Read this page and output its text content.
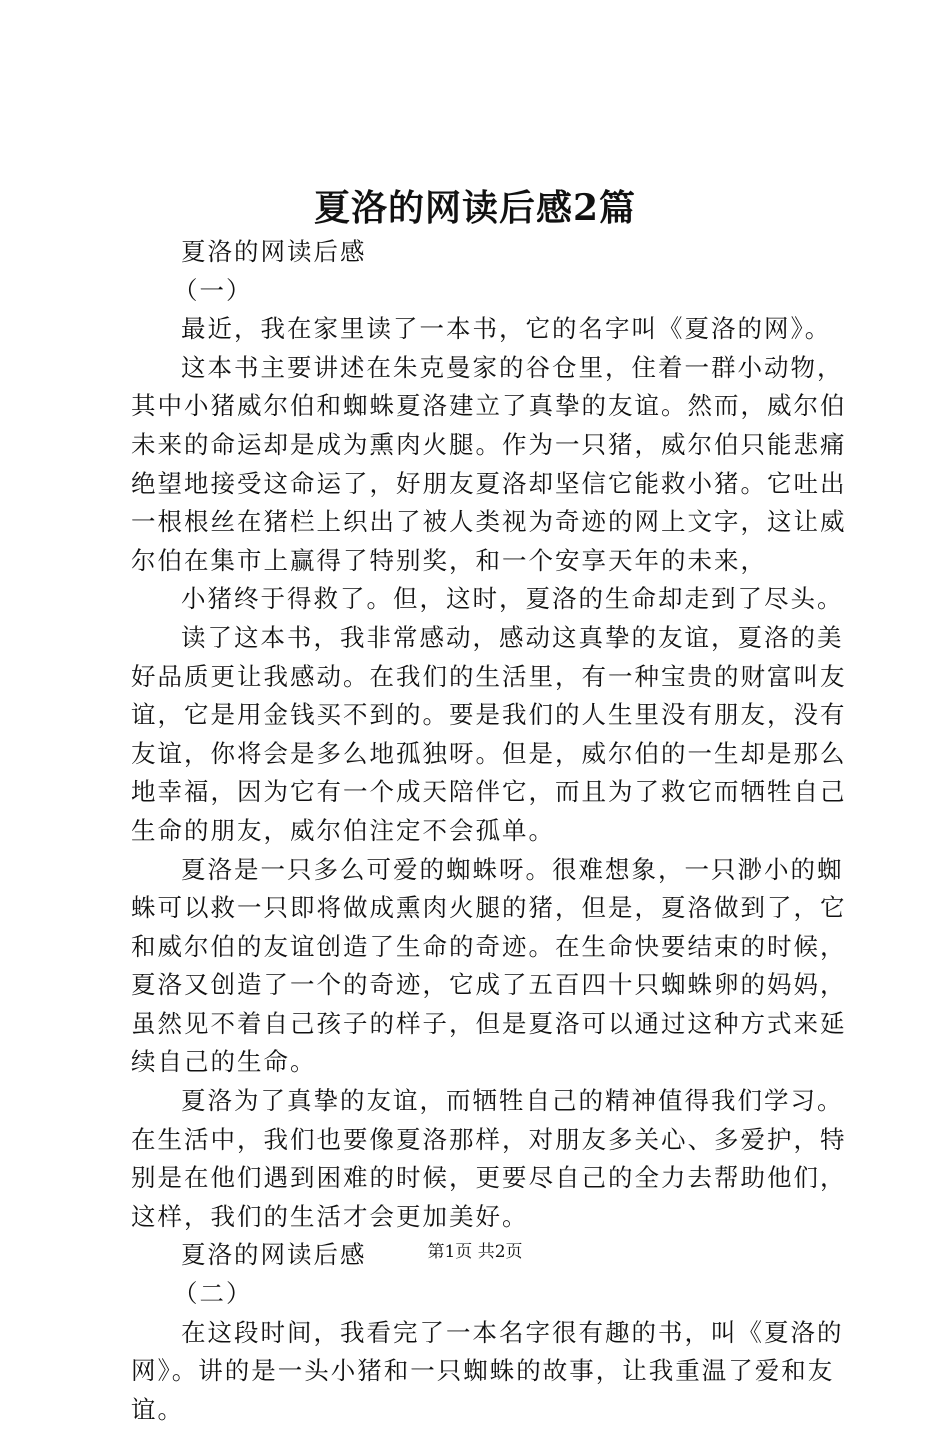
夏洛的网读后感2篇
夏洛的网读后感
（一）
最近，我在家里读了一本书，它的名字叫《夏洛的网》。
这本书主要讲述在朱克曼家的谷仓里，住着一群小动物，
其中小猪威尔伯和蜘蛛夏洛建立了真挚的友谊。然而，威尔伯
未来的命运却是成为熏肉火腿。作为一只猪，威尔伯只能悲痛
绝望地接受这命运了，好朋友夏洛却坚信它能救小猪。它吐出
一根根丝在猪栏上织出了被人类视为奇迹的网上文字，这让威
尔伯在集市上赢得了特别奖，和一个安享天年的未来，
小猪终于得救了。但，这时，夏洛的生命却走到了尽头。
读了这本书，我非常感动，感动这真挚的友谊，夏洛的美
好品质更让我感动。在我们的生活里，有一种宝贵的财富叫友
谊，它是用金钱买不到的。要是我们的人生里没有朋友，没有
友谊，你将会是多么地孤独呀。但是，威尔伯的一生却是那么
地幸福，因为它有一个成天陪伴它，而且为了救它而牺牲自己
生命的朋友，威尔伯注定不会孤单。
夏洛是一只多么可爱的蜘蛛呀。很难想象，一只渺小的蜘
蛛可以救一只即将做成熏肉火腿的猪，但是，夏洛做到了，它
和威尔伯的友谊创造了生命的奇迹。在生命快要结束的时候，
夏洛又创造了一个的奇迹，它成了五百四十只蜘蛛卵的妈妈，
虽然见不着自己孩子的样子，但是夏洛可以通过这种方式来延
续自己的生命。
夏洛为了真挚的友谊，而牺牲自己的精神值得我们学习。
在生活中，我们也要像夏洛那样，对朋友多关心、多爱护，特
别是在他们遇到困难的时候，更要尽自己的全力去帮助他们，
这样，我们的生活才会更加美好。
夏洛的网读后感
（二）
在这段时间，我看完了一本名字很有趣的书，叫《夏洛的
网》。讲的是一头小猪和一只蜘蛛的故事，让我重温了爱和友
谊。
第1页 共2页
